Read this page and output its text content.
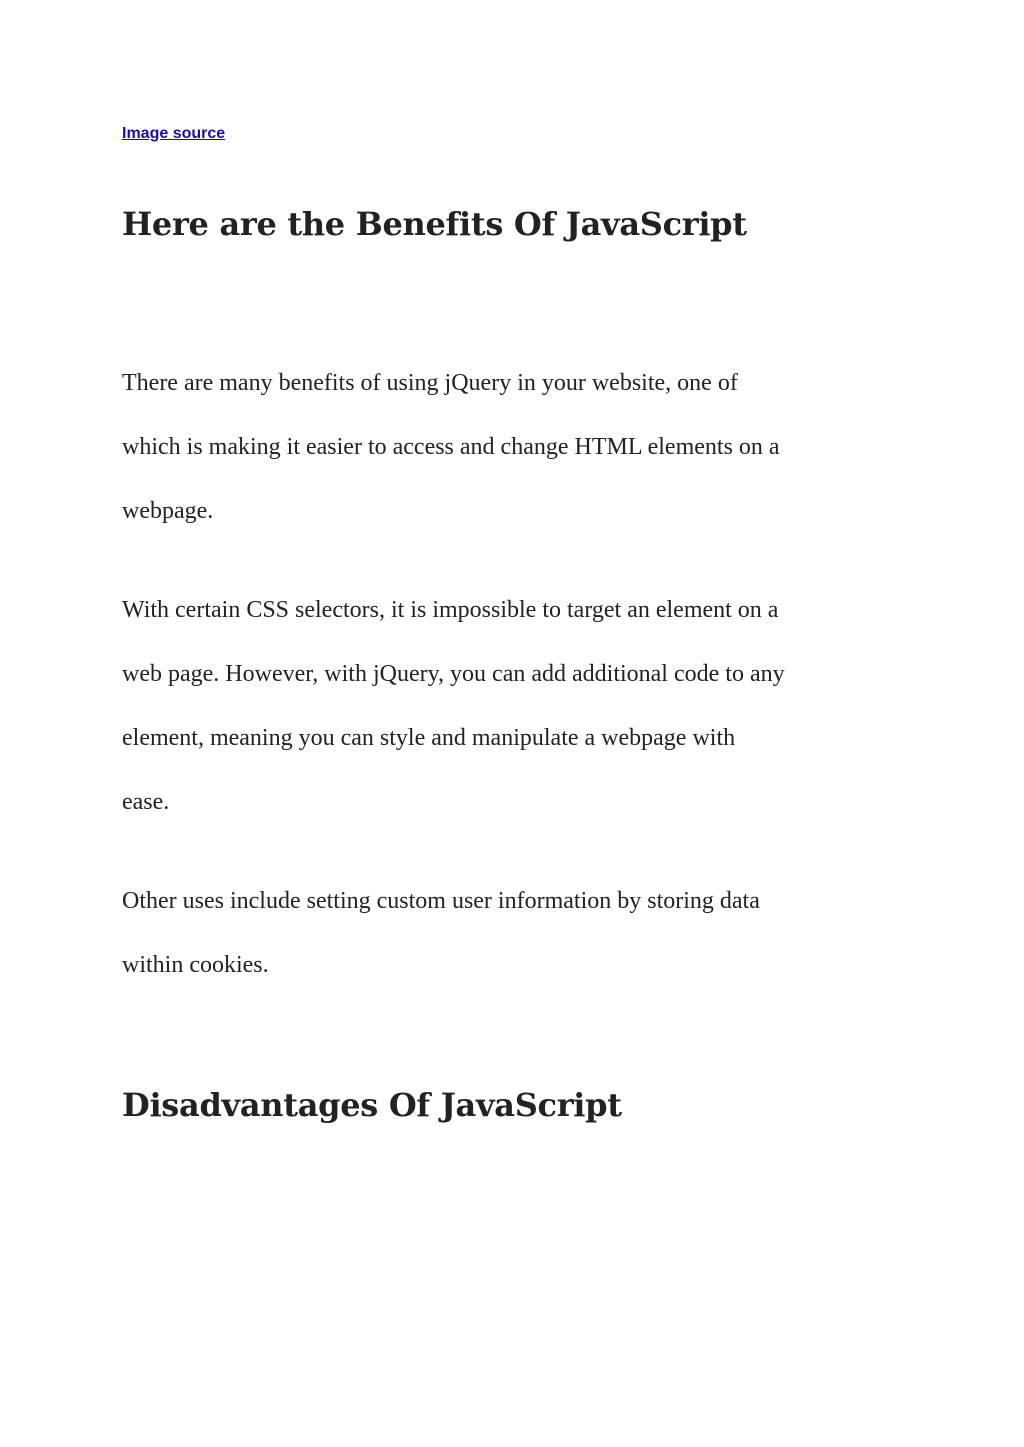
Image source
Here are the Benefits Of JavaScript

There are many benefits of using jQuery in your website, one of
which is making it easier to access and change HTML elements on a
webpage.

With certain CSS selectors, it is impossible to target an element on a
web page. However, with jQuery, you can add additional code to any
element, meaning you can style and manipulate a webpage with
ease.

Other uses include setting custom user information by storing data
within cookies.

Disadvantages Of JavaScript
